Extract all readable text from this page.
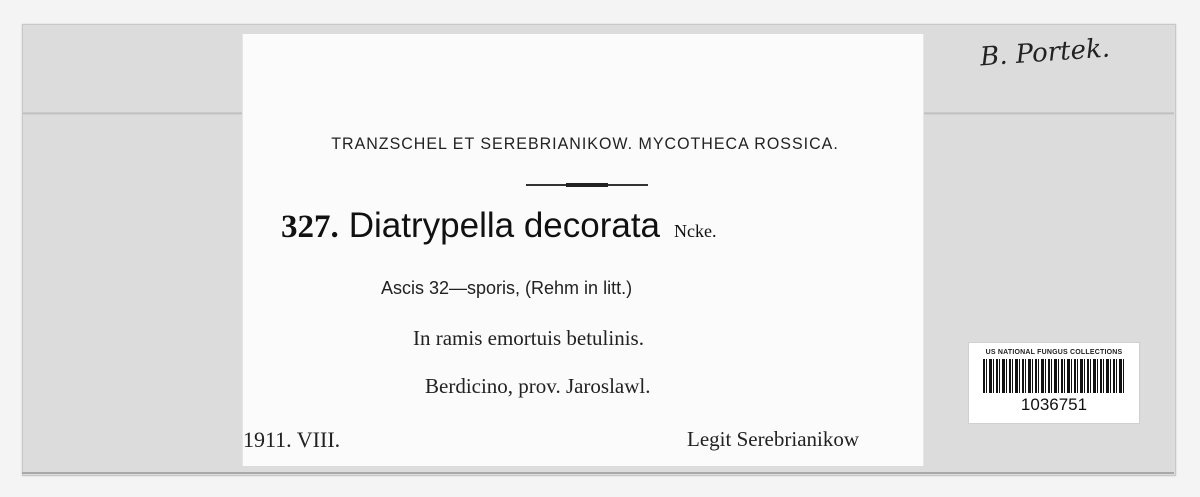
TRANZSCHEL ET SEREBRIANIKOW. MYCOTHECA ROSSICA.
327. Diatrypella decorata Ncke.
Ascis 32—sporis, (Rehm in litt.)
In ramis emortuis betulinis.
Berdicino, prov. Jaroslawl.
1911. VIII.	Legit Serebrianikow
B. Portek.
US NATIONAL FUNGUS COLLECTIONS
1036751
